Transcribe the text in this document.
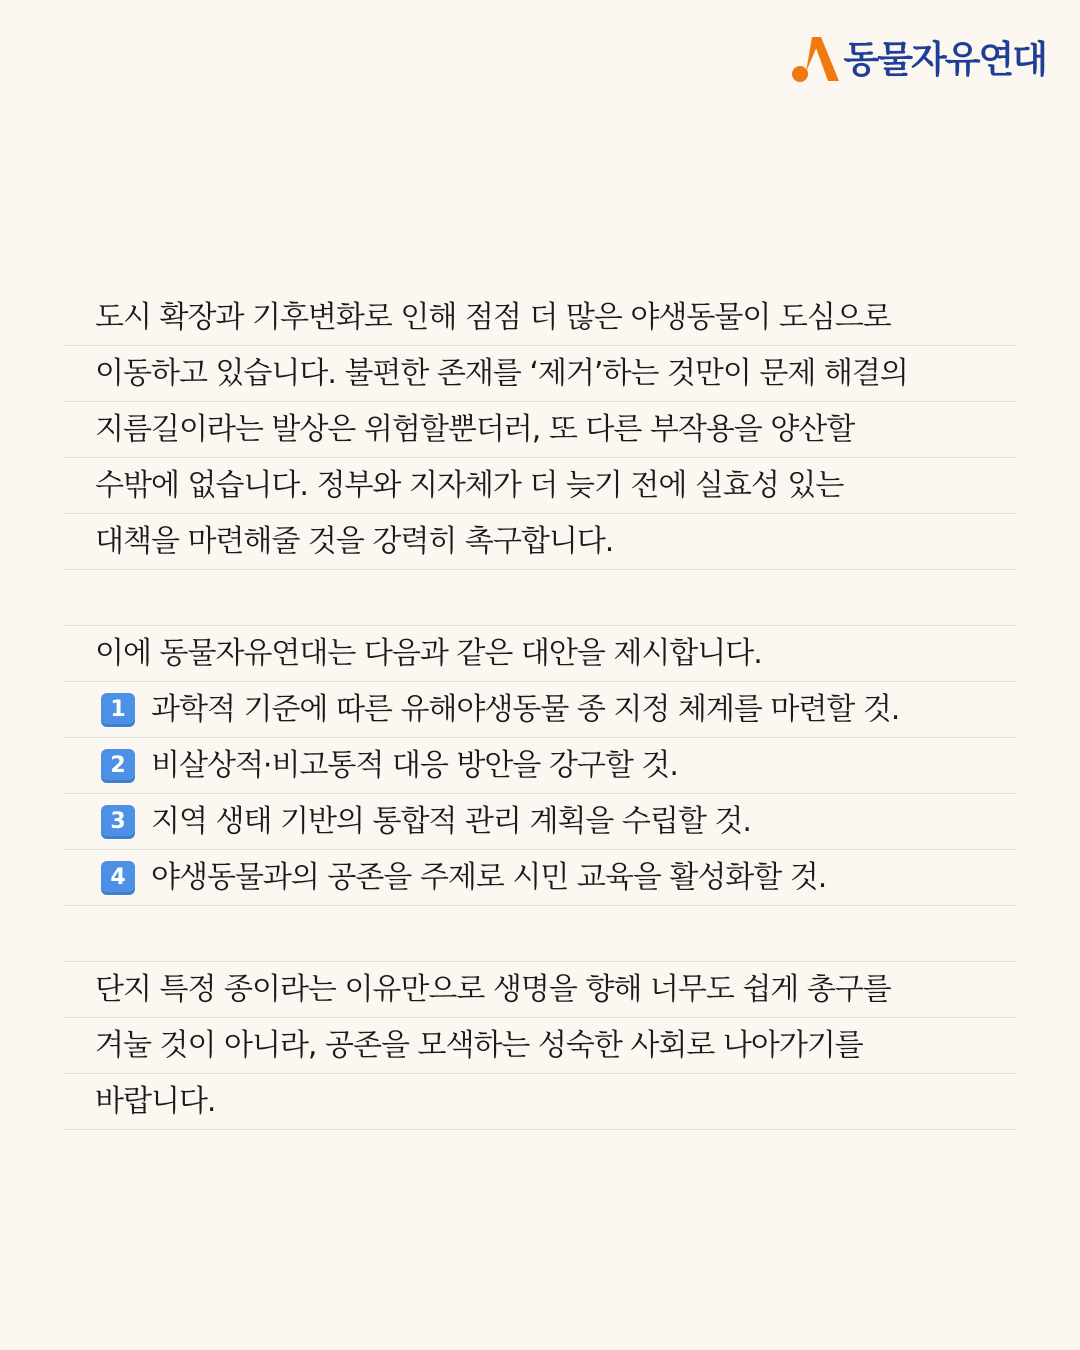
동물자유연대
도시 확장과 기후변화로 인해 점점 더 많은 야생동물이 도심으로
이동하고 있습니다. 불편한 존재를 ‘제거’하는 것만이 문제 해결의
지름길이라는 발상은 위험할뿐더러, 또 다른 부작용을 양산할
수밖에 없습니다. 정부와 지자체가 더 늦기 전에 실효성 있는
대책을 마련해줄 것을 강력히 촉구합니다.
이에 동물자유연대는 다음과 같은 대안을 제시합니다.
1 과학적 기준에 따른 유해야생동물 종 지정 체계를 마련할 것.
2 비살상적·비고통적 대응 방안을 강구할 것.
3 지역 생태 기반의 통합적 관리 계획을 수립할 것.
4 야생동물과의 공존을 주제로 시민 교육을 활성화할 것.
단지 특정 종이라는 이유만으로 생명을 향해 너무도 쉽게 총구를
겨눌 것이 아니라, 공존을 모색하는 성숙한 사회로 나아가기를
바랍니다.
